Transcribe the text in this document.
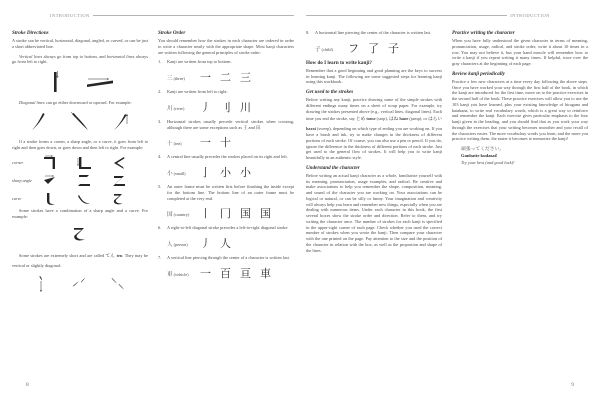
INTRODUCTION
Stroke Directions

A stroke can be vertical, horizontal, diagonal, angled, or curved, or can be just a short abbreviated line.

Vertical lines always go from top to bottom, and horizontal lines always go from left to right.

Diagonal lines can go either downward or upward. For example:

If a stroke forms a corner, a sharp angle, or a curve, it goes from left to right and then goes down, or goes down and then left to right. For example:

corner
sharp angle
curve

Some strokes have a combination of a sharp angle and a curve. For example:

Some strokes are extremely short and are called てん ten. They may be vertical or slightly diagonal:

Stroke Order

You should remember how the strokes in each character are ordered in order to write a character neatly with the appropriate shape. Most kanji characters are written following the general principles of stroke order:

1. Kanji are written from top to bottom.
三 (three)	一 二 三
2. Kanji are written from left to right.
川 (river)	丿 刂 川
3. Horizontal strokes usually precede vertical strokes when crossing, although there are some exceptions such as 王 and 田.
十 (ten)	一 十
4. A central line usually precedes the strokes placed on its right and left.
小 (small)	亅 小 小
5. An outer frame must be written first before finishing the inside except for the bottom line. The bottom line of an outer frame must be completed at the very end.
国 (country) 丨 冂 国 国
6. A right-to-left diagonal stroke precedes a left-to-right diagonal stroke.
人 (person)	丿 人
7. A vertical line piercing through the center of a character is written last.
車 (vehicle)	一 百 亘 車
8
INTRODUCTION
8. A horizontal line piercing the center of the character is written last.
子 (child)	フ 了 子
How do I learn to write kanji?

Remember that a good beginning and good planning are the keys to success in learning kanji. The following are some suggested steps for learning kanji using this workbook.

Get used to the strokes

Before writing any kanji, practice drawing some of the simple strokes with different endings many times on a sheet of scrap paper. For example, try drawing the strokes presented above (e.g., vertical lines, diagonal lines). Each time you end the stroke, say とめ tome (stop), はね hane (jump), or はらい harai (sweep), depending on which type of ending you are working on. If you have a brush and ink, try to make changes in the thickness of different portions of each stroke. Of course, you can also use a pen or pencil. If you do, ignore the difference in the thickness of different portions of each stroke. Just get used to the general flow of strokes. It will help you to write kanji beautifully in an authentic style.

Understand the character

Before writing an actual kanji character as a whole, familiarize yourself with its meaning, pronunciation, usage examples, and radical. Be creative and make associations to help you remember the shape, composition, meaning, and sound of the character you are working on. Your associations can be logical or natural, or can be silly or funny. Your imagination and creativity will always help you learn and remember new things, especially when you are dealing with numerous items. Under each character in this book, the first several boxes show the stroke order and direction. Refer to them, and try writing the character once. The number of strokes for each kanji is specified in the upper-right corner of each page. Check whether you used the correct number of strokes when you wrote the kanji. Then compare your character with the one printed on the page. Pay attention to the size and the position of the character in relation with the box, as well as the proportion and shape of the lines.

Practice writing the character

When you have fully understood the given character in terms of meaning, pronunciation, usage, radical, and stroke order, write it about 10 times in a row. You may not believe it, but your hand muscle will remember how to write a kanji if you repeat writing it many times. If helpful, trace over the gray characters at the beginning of each page.

Review kanji periodically

Practice a few new characters at a time every day following the above steps. Once you have worked your way through the first half of the book, in which the kanji are introduced for the first time, move on to the practice exercises in the second half of the book. These practice exercises will allow you to use the 103 kanji you have learned, plus your existing knowledge of hiragana and katakana, to write real vocabulary words, which is a great way to reinforce and remember the kanji. Each exercise gives particular emphasis to the four kanji given in the heading, and you should find that as you work your way through the exercises that your writing becomes smoother and your recall of the characters easier. The more vocabulary words you learn, and the more you practice writing them, the easier it becomes to memorize the kanji!

頑張ってください。
Ganbatte kudasai!
Try your best (and good luck)!
9
